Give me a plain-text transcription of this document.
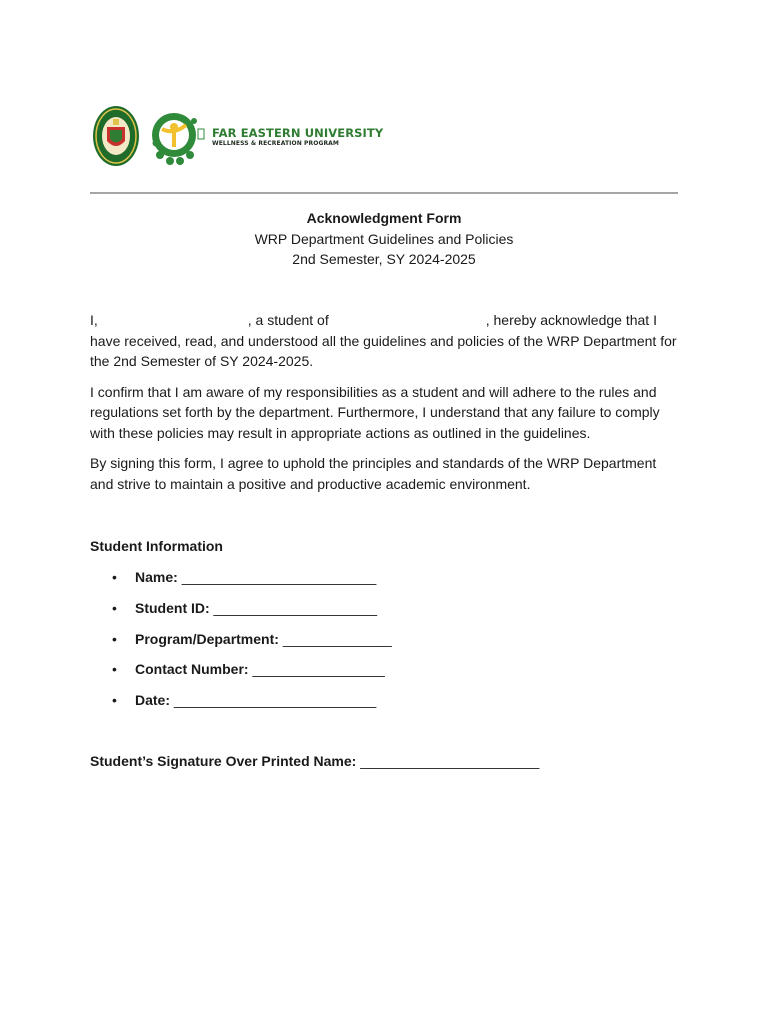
FAR EASTERN UNIVERSITY
WELLNESS & RECREATION PROGRAM
Acknowledgment Form
WRP Department Guidelines and Policies
2nd Semester, SY 2024-2025

I,	, a student of	, hereby acknowledge that I have received, read, and understood all the guidelines and policies of the WRP Department for the 2nd Semester of SY 2024-2025.

I confirm that I am aware of my responsibilities as a student and will adhere to the rules and regulations set forth by the department. Furthermore, I understand that any failure to comply with these policies may result in appropriate actions as outlined in the guidelines.

By signing this form, I agree to uphold the principles and standards of the WRP Department and strive to maintain a positive and productive academic environment.

Student Information
• Name: _________________________
• Student ID: _____________________
• Program/Department: ______________
• Contact Number: _________________
• Date: __________________________
Student’s Signature Over Printed Name: _______________________
